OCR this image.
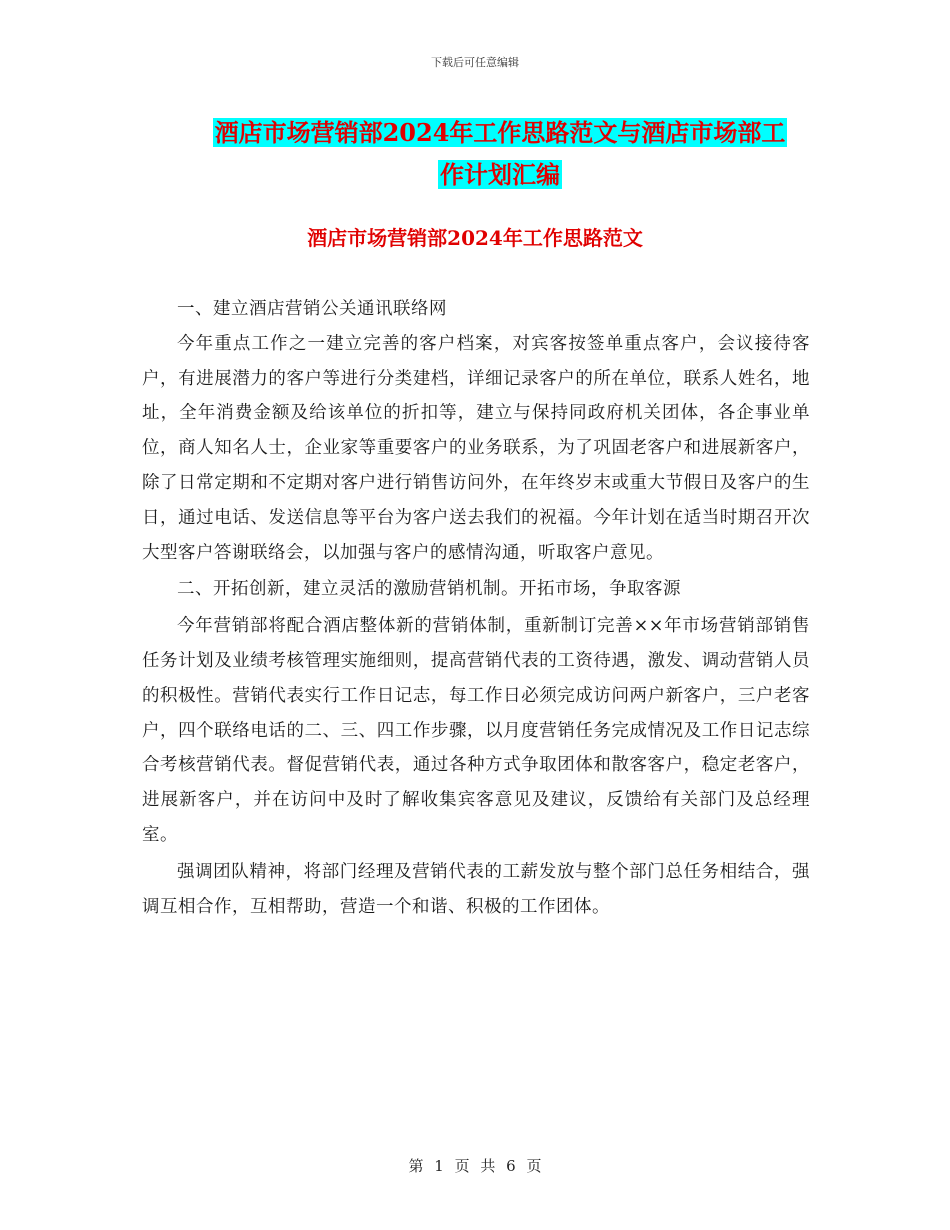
下载后可任意编辑
酒店市场营销部2024年工作思路范文与酒店市场部工
作计划汇编
酒店市场营销部2024年工作思路范文

一、建立酒店营销公关通讯联络网

今年重点工作之一建立完善的客户档案，对宾客按签单重点客户，会议接待客户，有进展潜力的客户等进行分类建档，详细记录客户的所在单位，联系人姓名，地址，全年消费金额及给该单位的折扣等，建立与保持同政府机关团体，各企事业单位，商人知名人士，企业家等重要客户的业务联系，为了巩固老客户和进展新客户，除了日常定期和不定期对客户进行销售访问外，在年终岁末或重大节假日及客户的生日，通过电话、发送信息等平台为客户送去我们的祝福。今年计划在适当时期召开次大型客户答谢联络会，以加强与客户的感情沟通，听取客户意见。

二、开拓创新，建立灵活的激励营销机制。开拓市场，争取客源

今年营销部将配合酒店整体新的营销体制，重新制订完善××年市场营销部销售任务计划及业绩考核管理实施细则，提高营销代表的工资待遇，激发、调动营销人员的积极性。营销代表实行工作日记志，每工作日必须完成访问两户新客户，三户老客户，四个联络电话的二、三、四工作步骤，以月度营销任务完成情况及工作日记志综合考核营销代表。督促营销代表，通过各种方式争取团体和散客客户，稳定老客户，进展新客户，并在访问中及时了解收集宾客意见及建议，反馈给有关部门及总经理室。

强调团队精神，将部门经理及营销代表的工薪发放与整个部门总任务相结合，强调互相合作，互相帮助，营造一个和谐、积极的工作团体。

第 1 页 共 6 页
